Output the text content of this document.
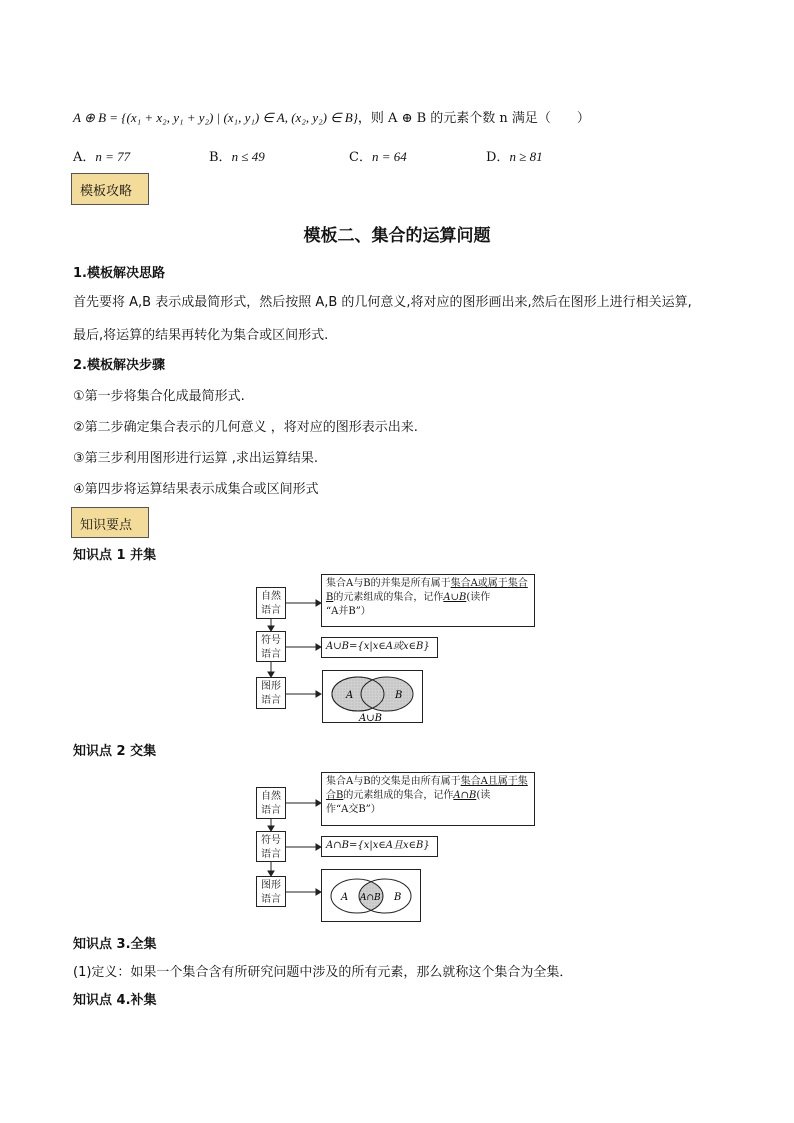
A ⊕ B = {(x₁ + x₂, y₁ + y₂) | (x₁, y₁) ∈ A, (x₂, y₂) ∈ B}，则 A ⊕ B 的元素个数 n 满足（　　）
A．n = 77	B．n ≤ 49	C．n = 64	D．n ≥ 81
模板攻略
模板二、集合的运算问题
1.模板解决思路
首先要将 A,B 表示成最简形式，然后按照 A,B 的几何意义,将对应的图形画出来,然后在图形上进行相关运算,
最后,将运算的结果再转化为集合或区间形式.
2.模板解决步骤
①第一步将集合化成最简形式.
②第二步确定集合表示的几何意义 ，将对应的图形表示出来.
③第三步利用图形进行运算 ,求出运算结果.
④第四步将运算结果表示成集合或区间形式
知识要点
知识点 1 并集
自然
语言
符号
语言
图形
语言
集合A与B的并集是所有属于集合A或属于集合B的元素组成的集合，记作A∪B(读作
“A并B”）
A∪B={x|x∈A或x∈B}
A	B
A∪B
知识点 2 交集
自然
语言
符号
语言
图形
语言
集合A与B的交集是由所有属于集合A且属于集合B的元素组成的集合，记作A∩B(读
作“A交B”）
A∩B={x|x∈A且x∈B}
A A∩B B
知识点 3.全集
(1)定义：如果一个集合含有所研究问题中涉及的所有元素，那么就称这个集合为全集．
知识点 4.补集
